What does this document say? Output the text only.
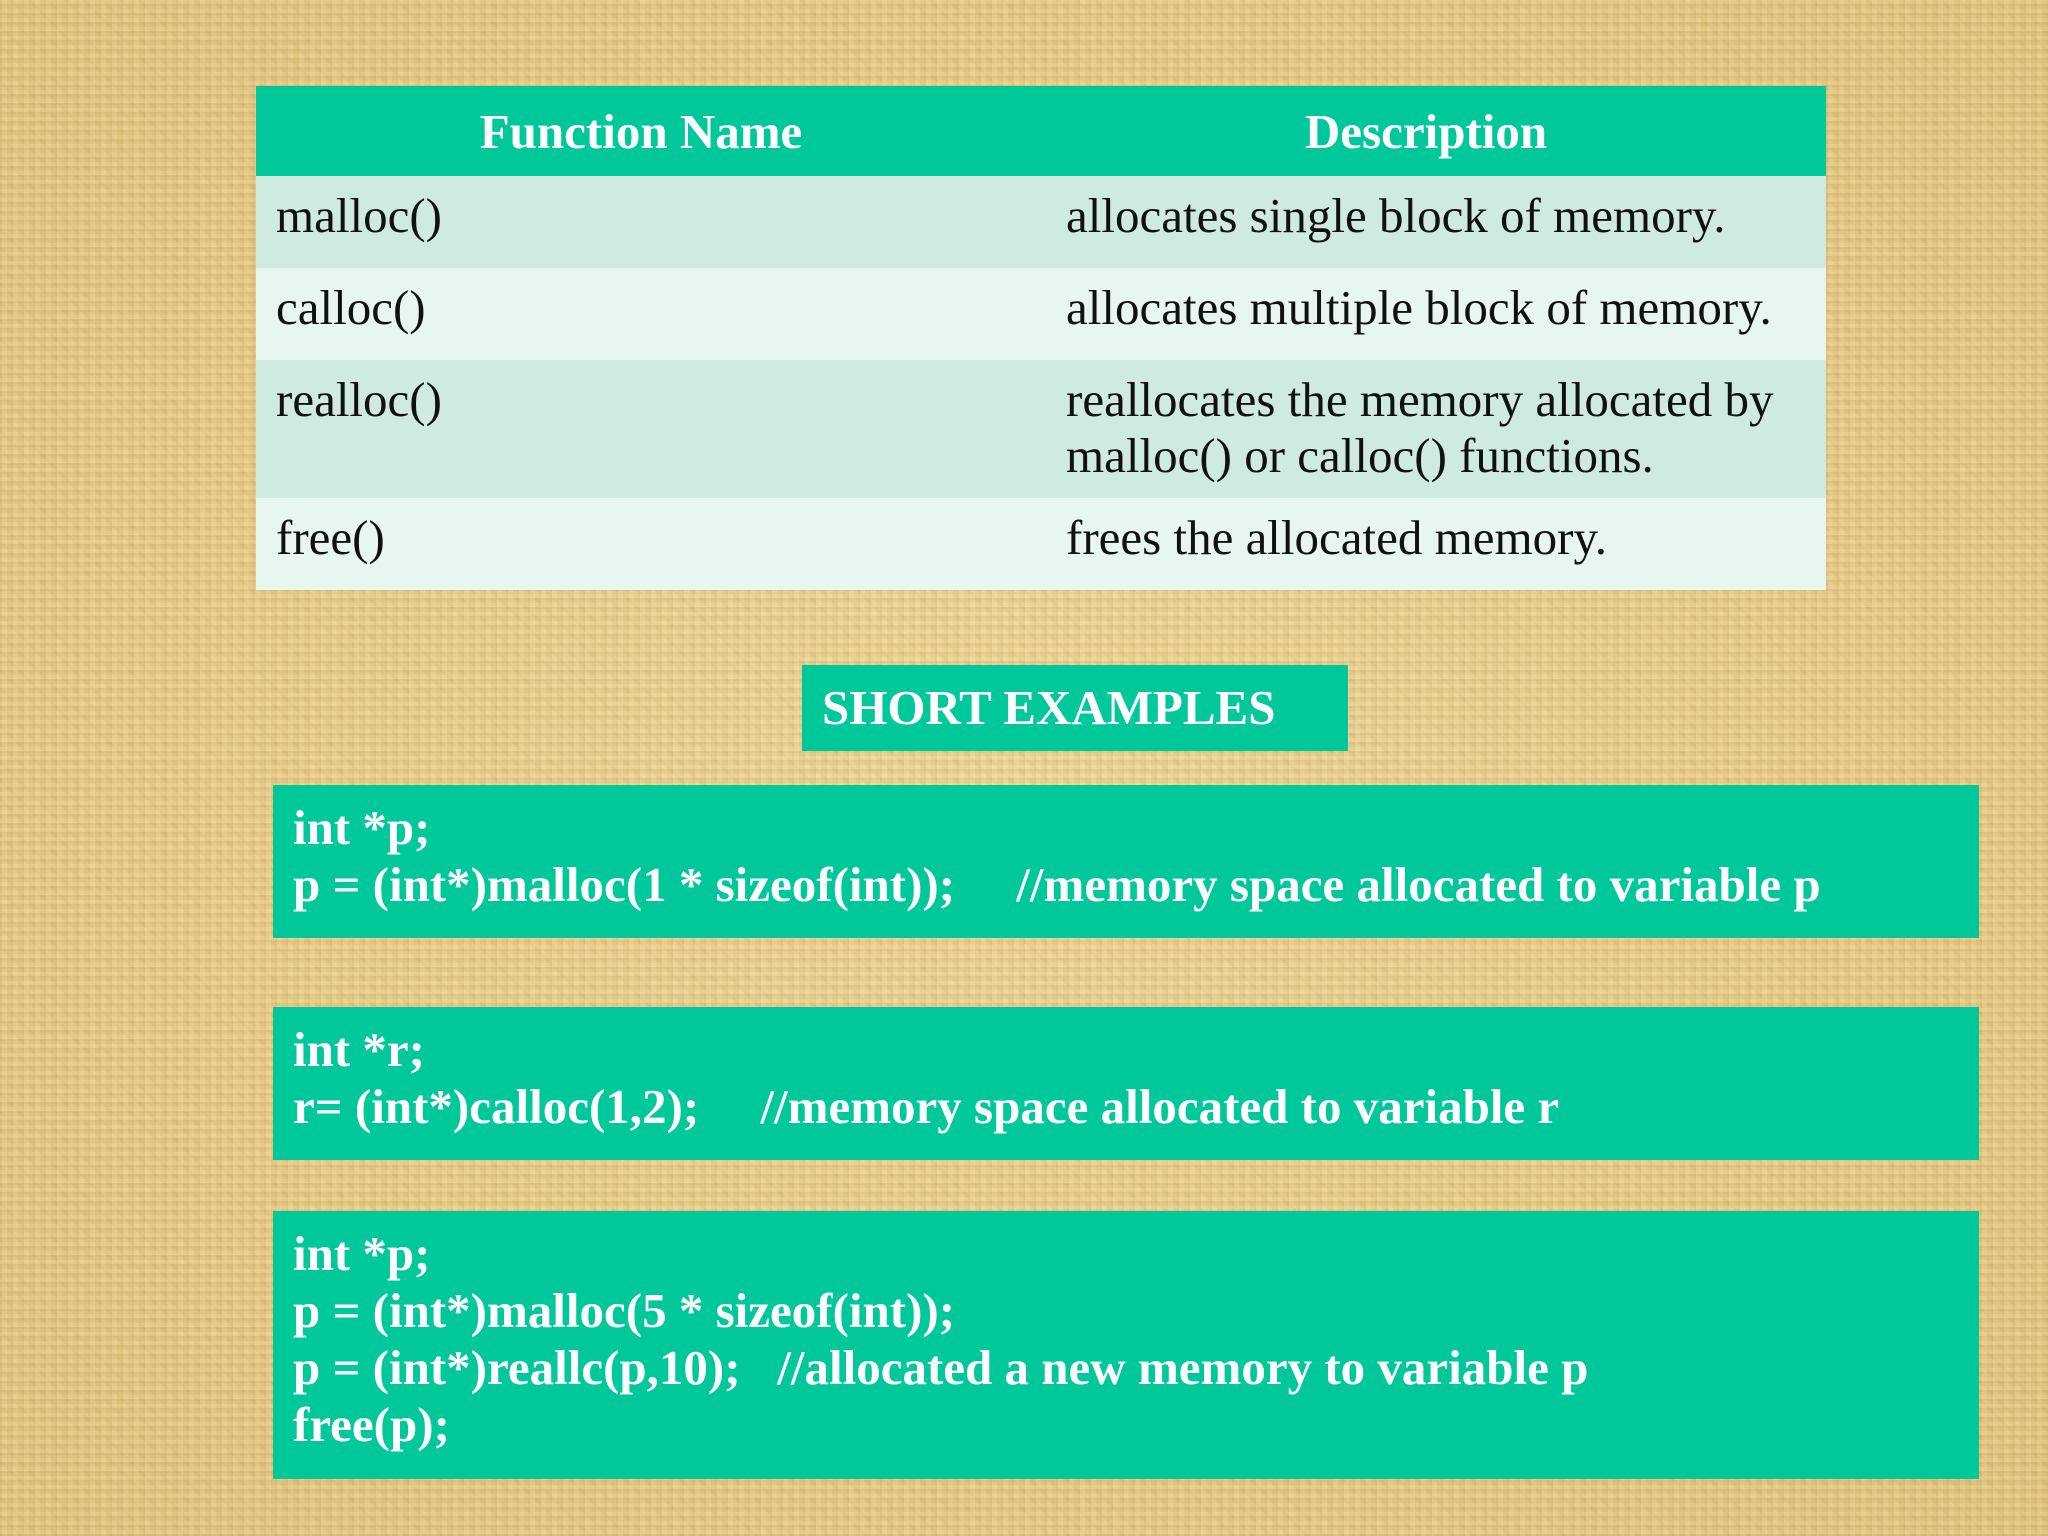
Function Name	Description
malloc()	allocates single block of memory.
calloc()	allocates multiple block of memory.
realloc()	reallocates the memory allocated by
malloc() or calloc() functions.

free()	frees the allocated memory.
SHORT EXAMPLES
int *p;
p = (int*)malloc(1 * sizeof(int));     //memory space allocated to variable p
int *r;
r= (int*)calloc(1,2);     //memory space allocated to variable r
int *p;
p = (int*)malloc(5 * sizeof(int));
p = (int*)reallc(p,10);   //allocated a new memory to variable p
free(p);
